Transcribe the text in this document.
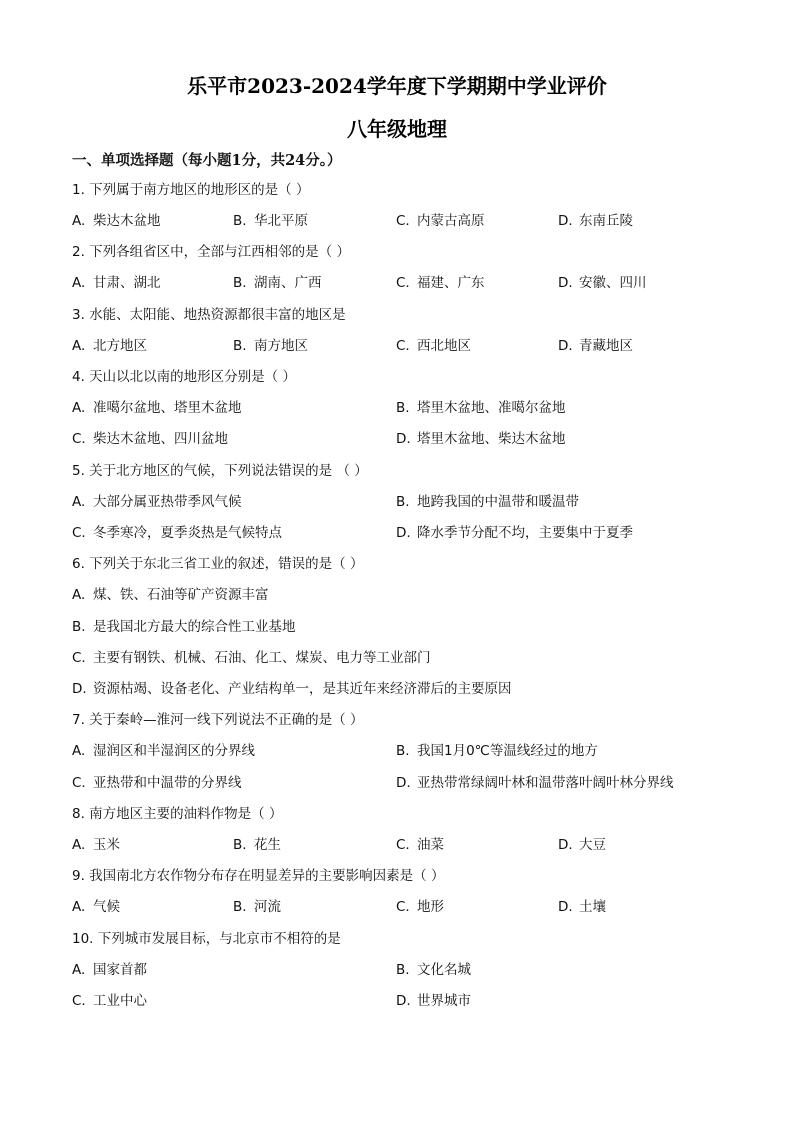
乐平市2023-2024学年度下学期期中学业评价
八年级地理
一、单项选择题（每小题1分，共24分。）
1. 下列属于南方地区的地形区的是（ ）
A. 柴达木盆地	B. 华北平原	C. 内蒙古高原	D. 东南丘陵
2. 下列各组省区中，全部与江西相邻的是（ ）
A. 甘肃、湖北	B. 湖南、广西	C. 福建、广东	D. 安徽、四川
3. 水能、太阳能、地热资源都很丰富的地区是
A. 北方地区	B. 南方地区	C. 西北地区	D. 青藏地区
4. 天山以北以南的地形区分别是（ ）
A. 准噶尔盆地、塔里木盆地	B. 塔里木盆地、准噶尔盆地
C. 柴达木盆地、四川盆地	D. 塔里木盆地、柴达木盆地
5. 关于北方地区的气候，下列说法错误的是 （ ）
A. 大部分属亚热带季风气候	B. 地跨我国的中温带和暖温带
C. 冬季寒冷，夏季炎热是气候特点	D. 降水季节分配不均，主要集中于夏季
6. 下列关于东北三省工业的叙述，错误的是（ ）
A. 煤、铁、石油等矿产资源丰富
B. 是我国北方最大的综合性工业基地
C. 主要有钢铁、机械、石油、化工、煤炭、电力等工业部门
D. 资源枯竭、设备老化、产业结构单一，是其近年来经济滞后的主要原因
7. 关于秦岭—淮河一线下列说法不正确的是（ ）
A. 湿润区和半湿润区的分界线	B. 我国1月0℃等温线经过的地方
C. 亚热带和中温带的分界线	D. 亚热带常绿阔叶林和温带落叶阔叶林分界线
8. 南方地区主要的油料作物是（ ）
A. 玉米	B. 花生	C. 油菜	D. 大豆
9. 我国南北方农作物分布存在明显差异的主要影响因素是（ ）
A. 气候	B. 河流	C. 地形	D. 土壤
10. 下列城市发展目标，与北京市不相符的是
A. 国家首都	B. 文化名城
C. 工业中心	D. 世界城市
